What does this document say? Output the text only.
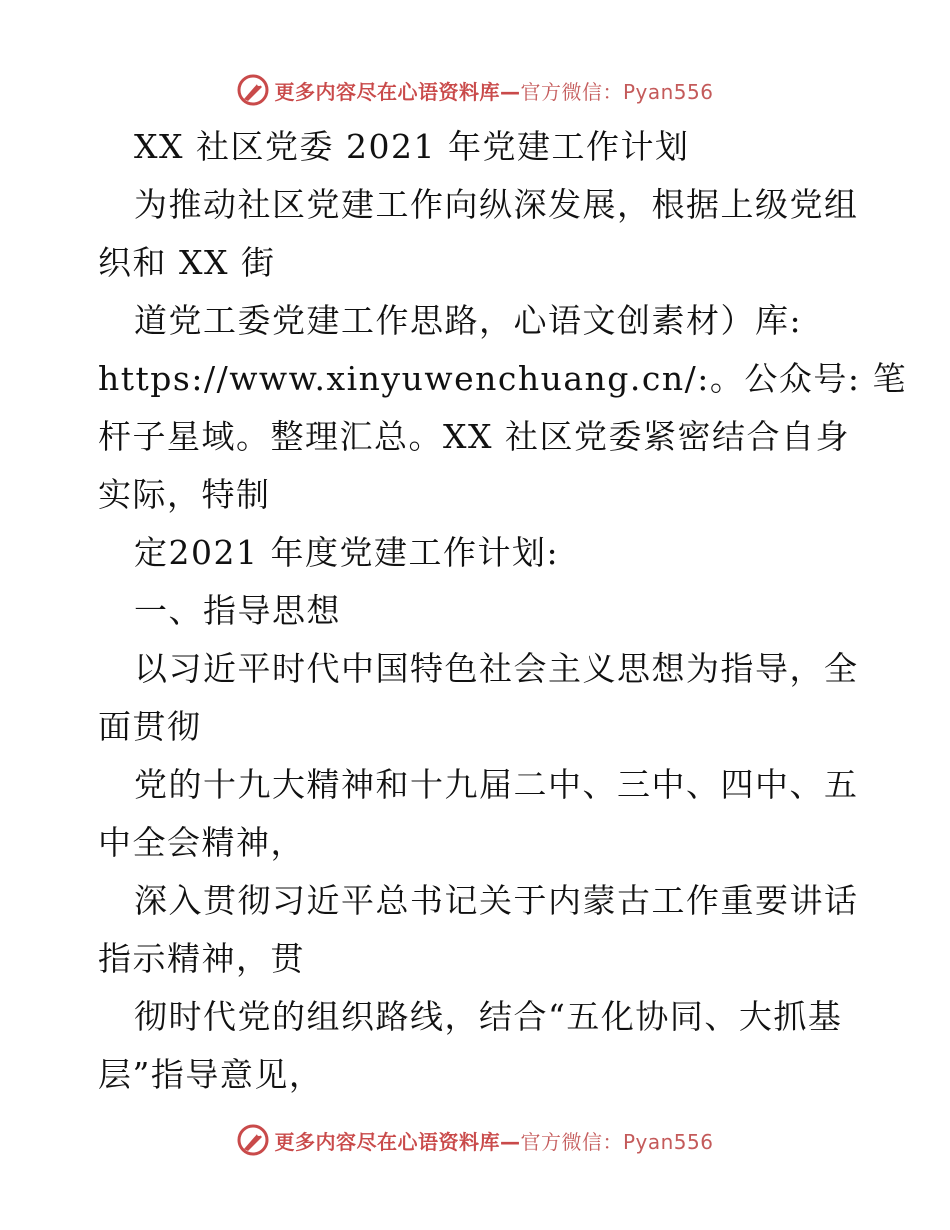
更多内容尽在心语资料库—官方微信：Pyan556
XX 社区党委 2021 年党建工作计划
为推动社区党建工作向纵深发展，根据上级党组
织和 XX 街
道党工委党建工作思路，心语文创素材）库:
https://www.xinyuwenchuang.cn/:。公众号: 笔
杆子星域。整理汇总。XX 社区党委紧密结合自身
实际，特制
定2021 年度党建工作计划:
一、指导思想
以习近平时代中国特色社会主义思想为指导，全
面贯彻
党的十九大精神和十九届二中、三中、四中、五
中全会精神，
深入贯彻习近平总书记关于内蒙古工作重要讲话
指示精神，贯
彻时代党的组织路线，结合“五化协同、大抓基
层”指导意见，
更多内容尽在心语资料库—官方微信：Pyan556
